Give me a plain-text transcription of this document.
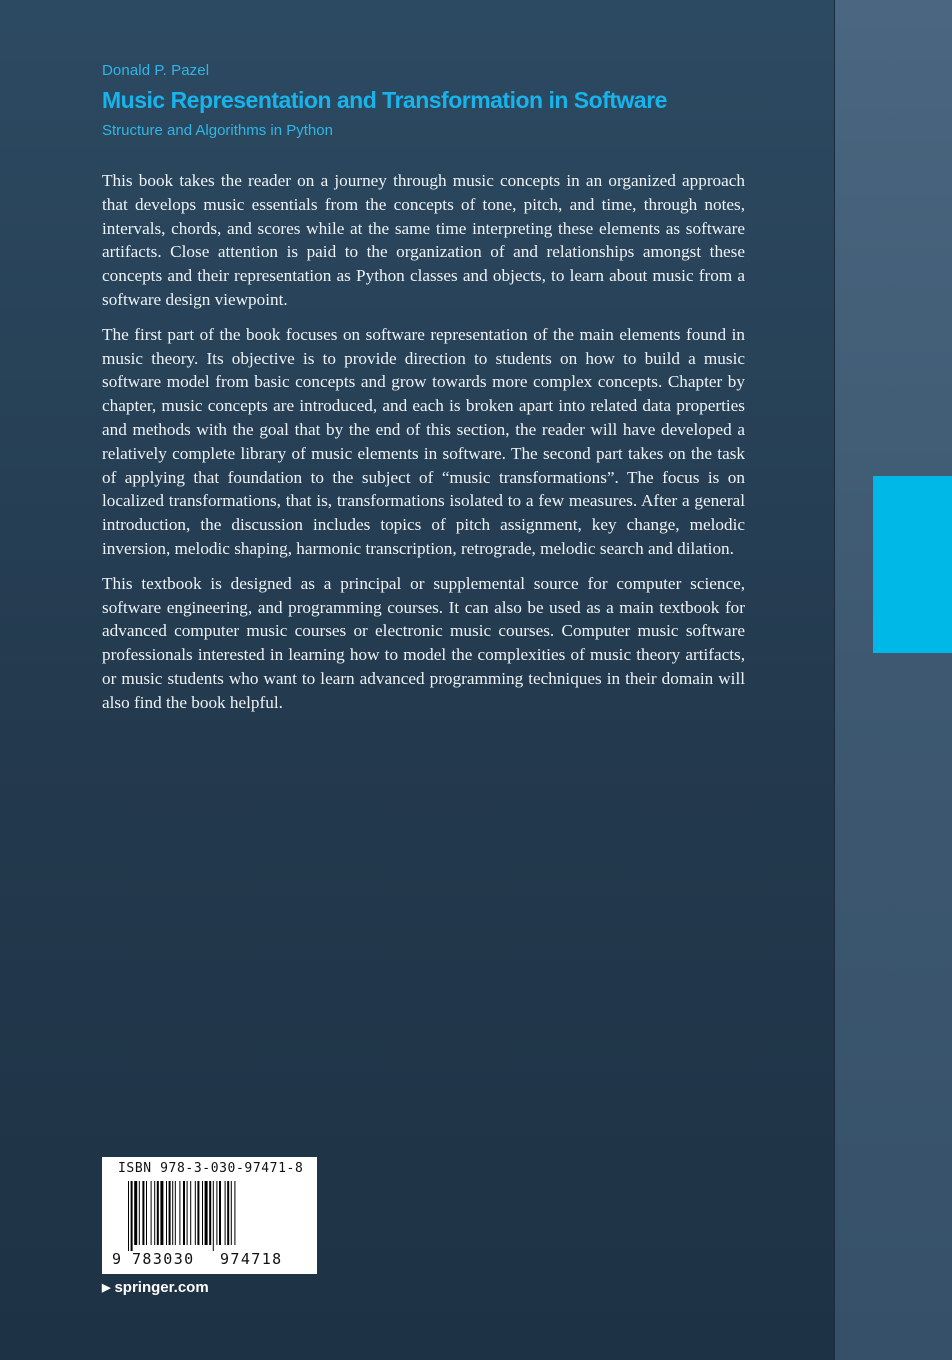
Donald P. Pazel
Music Representation and Transformation in Software
Structure and Algorithms in Python

This book takes the reader on a journey through music concepts in an organized approach that develops music essentials from the concepts of tone, pitch, and time, through notes, intervals, chords, and scores while at the same time interpreting these elements as software artifacts. Close attention is paid to the organization of and relationships amongst these concepts and their representation as Python classes and objects, to learn about music from a software design viewpoint.

The first part of the book focuses on software representation of the main elements found in music theory. Its objective is to provide direction to students on how to build a music software model from basic concepts and grow towards more complex concepts. Chapter by chapter, music concepts are introduced, and each is broken apart into related data properties and methods with the goal that by the end of this section, the reader will have developed a relatively complete library of music elements in software. The second part takes on the task of applying that foundation to the subject of “music transformations”. The focus is on localized transformations, that is, transformations isolated to a few measures. After a general introduction, the discussion includes topics of pitch assignment, key change, melodic inversion, melodic shaping, harmonic transcription, retrograde, melodic search and dilation.

This textbook is designed as a principal or supplemental source for computer science, software engineering, and programming courses. It can also be used as a main textbook for advanced computer music courses or electronic music courses. Computer music software professionals interested in learning how to model the complexities of music theory artifacts, or music students who want to learn advanced programming techniques in their domain will also find the book helpful.

ISBN 978-3-030-97471-8
9 783030 974718
▶ springer.com
